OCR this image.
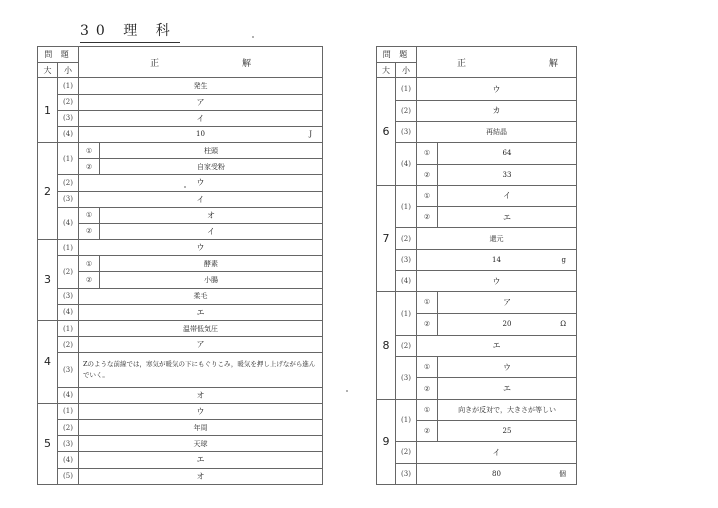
30 理 科
問 題		正 解	
大	小		
1	(1)	発生	
	(2)	ア	
	(3)	イ	
	(4)	10 J	

2	(1)	①	柱頭
		②	自家受粉
	(2)	ウ	
	(3)	イ	
	(4)	①	オ
		②	イ
3	(1)	ウ	
	(2)	①	酵素
		②	小腸
	(3)	柔毛	
	(4)	エ	
4	(1)	温帯低気圧	
	(2)	ア	
	(3)	Zのような前線では，寒気が暖気の下にもぐりこみ，暖気を押し上げながら進んでいく。	
	(4)	オ	
5	(1)	ウ	
	(2)	年周	
	(3)	天球	
	(4)	エ	
	(5)	オ	
問 題		正 解	
大	小		
6	(1)	ウ	
	(2)	カ	
	(3)	再結晶	
	(4)	①	64
		②	33
7	(1)	①	イ
		②	エ
	(2)	還元	
	(3)	14 g	

	(4)	ウ	
8	(1)	①	ア
		②	20 Ω

	(2)	エ	
	(3)	①	ウ
		②	エ
9	(1)	①	向きが反対で，大きさが等しい
		②	25
	(2)	イ	
	(3)	80 個	
